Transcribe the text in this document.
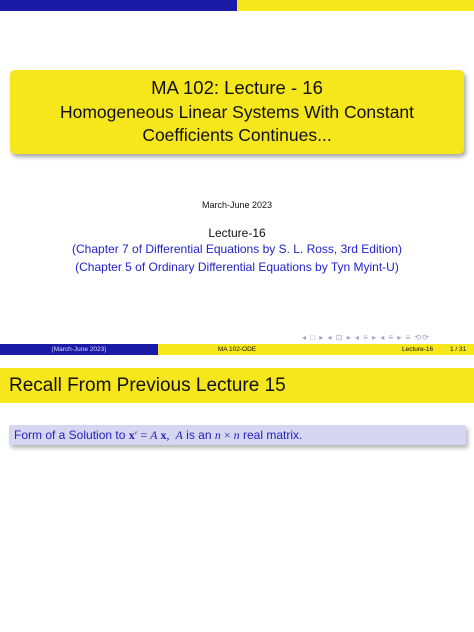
MA 102: Lecture - 16
Homogeneous Linear Systems With Constant
Coefficients Continues...
March-June 2023
Lecture-16
(Chapter 7 of Differential Equations by S. L. Ross, 3rd Edition)
(Chapter 5 of Ordinary Differential Equations by Tyn Myint-U)
◂ □ ▸ ◂ ⊡ ▸ ◂ ≡ ▸ ◂ ≡ ▸ ≡ ⟲⟳
(March-June 2023)	MA 102-ODE	Lecture-16	1 / 31
Recall From Previous Lecture 15
Form of a Solution to x′ = A x,  A is an n × n real matrix.
